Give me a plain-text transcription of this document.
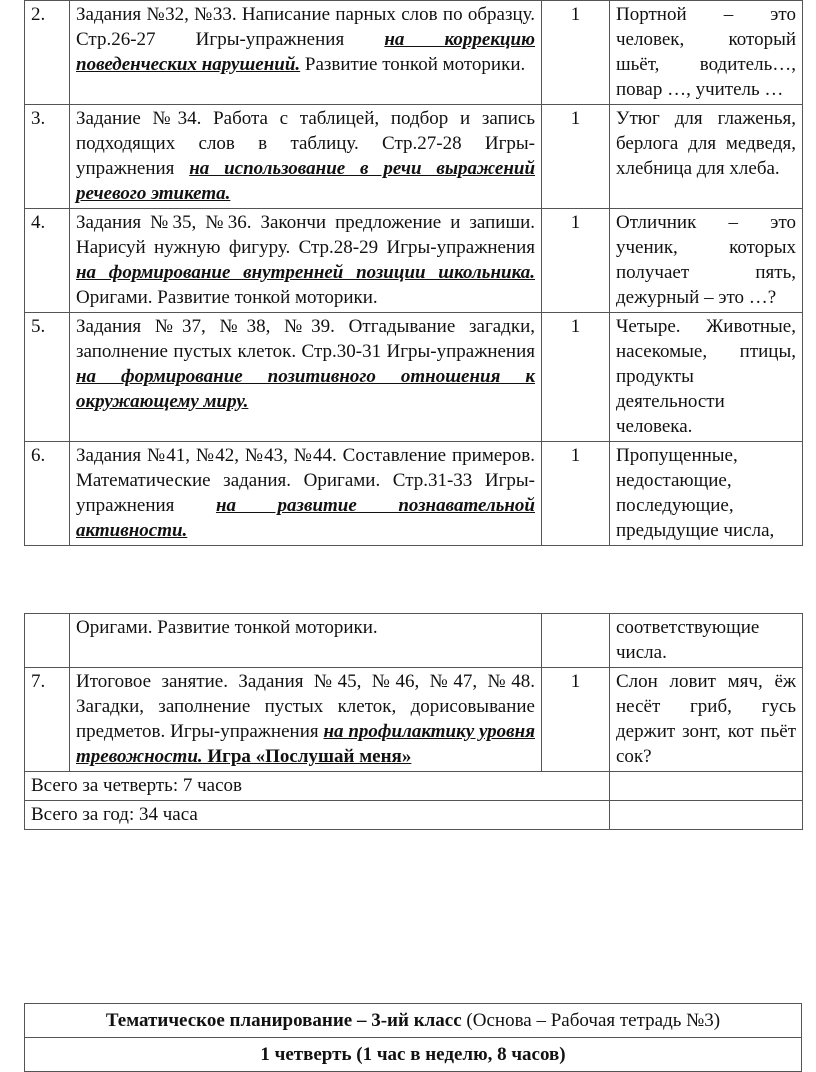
2.	Задания №32, №33. Написание парных слов по образцу. Стр.26-27 Игры-упражнения на коррекцию поведенческих нарушений. Развитие тонкой моторики.	1	Портной – это человек, который шьёт, водитель…, повар …, учитель …
3.	Задание №34. Работа с таблицей, подбор и запись подходящих слов в таблицу. Стр.27-28 Игры-упражнения на использование в речи выражений речевого этикета.	1	Утюг для глаженья, берлога для медведя, хлебница для хлеба.
4.	Задания №35, №36. Закончи предложение и запиши. Нарисуй нужную фигуру. Стр.28-29 Игры-упражнения на формирование внутренней позиции школьника. Оригами. Развитие тонкой моторики.	1	Отличник – это ученик, которых получает пять, дежурный – это …?
5.	Задания №37, №38, №39. Отгадывание загадки, заполнение пустых клеток. Стр.30-31 Игры-упражнения на формирование позитивного отношения к окружающему миру.	1	Четыре. Животные, насекомые, птицы, продукты деятельности человека.
6.	Задания №41, №42, №43, №44. Составление примеров. Математические задания. Оригами. Стр.31-33 Игры-упражнения на развитие познавательной активности.	1	Пропущенные, недостающие, последующие, предыдущие числа,
	Оригами. Развитие тонкой моторики.		соответствующие числа.
7.	Итоговое занятие. Задания №45, №46, №47, №48. Загадки, заполнение пустых клеток, дорисовывание предметов. Игры-упражнения на профилактику уровня тревожности. Игра «Послушай меня»	1	Слон ловит мяч, ёж несёт гриб, гусь держит зонт, кот пьёт сок?
Всего за четверть: 7 часов			
Всего за год: 34 часа			
Тематическое планирование – 3-ий класс (Основа – Рабочая тетрадь №3)
1 четверть (1 час в неделю, 8 часов)
